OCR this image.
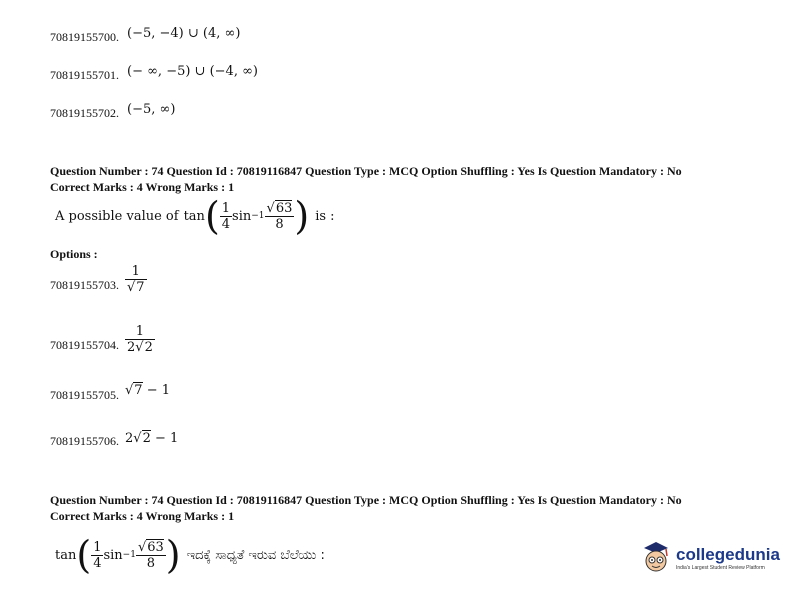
70819155700. $^{(-5, -4) \cup (4, \infty)}$
70819155701. $^{(- \infty, -5) \cup (-4, \infty)}$
70819155702. $^{(-5, \infty)}$
Question Number : 74 Question Id : 70819116847 Question Type : MCQ Option Shuffling : Yes Is Question Mandatory : No
Correct Marks : 4 Wrong Marks : 1
A possible value of tan ( $\frac{1}{4}$ $\sin -1 \frac{√63}{8}$ ) is :
Options :
70819155703. $\frac{1}{√7}$
70819155704. $\frac{1}{2√2}$
70819155705. √7 − 1
70819155706. 2√2 − 1
Question Number : 74 Question Id : 70819116847 Question Type : MCQ Option Shuffling : Yes Is Question Mandatory : No
Correct Marks : 4 Wrong Marks : 1
tan ( $\frac{1}{4}$ $\sin -1 \frac{√63}{8}$ ) ಇದಕ್ಕೆ ಸಾಧ್ಯತೆ ಇರುವ ಬೆಲೆಯು :	collegedunia
India's Largest Student Review Platform
